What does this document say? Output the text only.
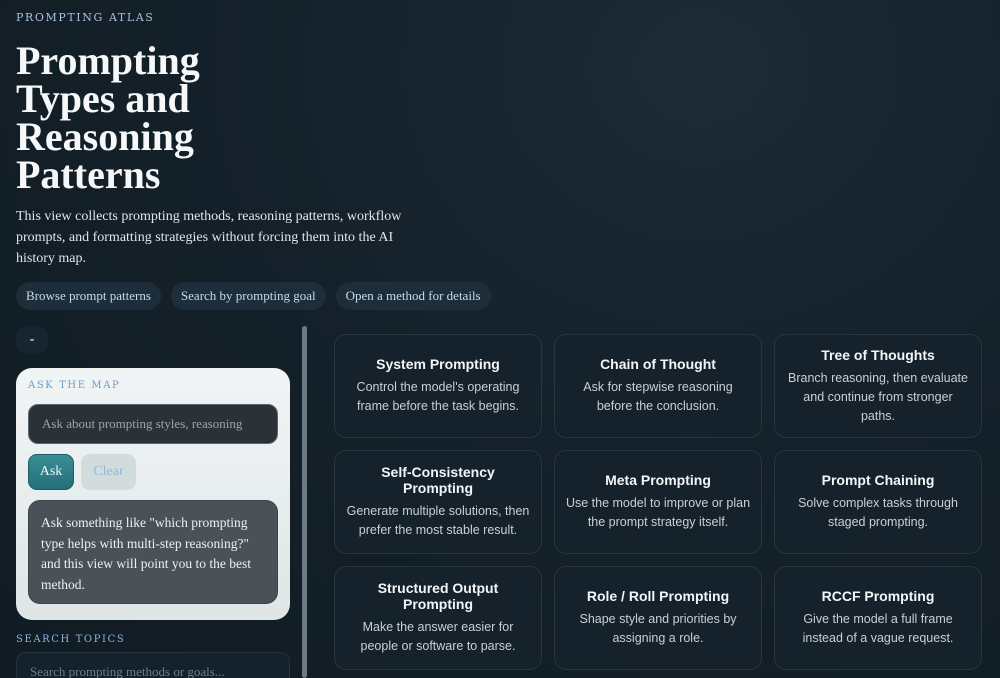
PROMPTING ATLAS
Prompting Types and Reasoning Patterns

This view collects prompting methods, reasoning patterns, workflow prompts, and formatting strategies without forcing them into the AI history map.

Browse prompt patterns	Search by prompting goal	Open a method for details
-
ASK THE MAP
Ask about prompting styles, reasoning
Ask	Clear
Ask something like "which prompting type helps with multi-step reasoning?" and this view will point you to the best method.
SEARCH TOPICS
Search prompting methods or goals...
System Prompting
Control the model's operating frame before the task begins.
Chain of Thought
Ask for stepwise reasoning before the conclusion.
Tree of Thoughts
Branch reasoning, then evaluate and continue from stronger paths.
Self-Consistency Prompting
Generate multiple solutions, then prefer the most stable result.
Meta Prompting
Use the model to improve or plan the prompt strategy itself.
Prompt Chaining
Solve complex tasks through staged prompting.
Structured Output Prompting
Make the answer easier for people or software to parse.
Role / Roll Prompting
Shape style and priorities by assigning a role.
RCCF Prompting
Give the model a full frame instead of a vague request.
